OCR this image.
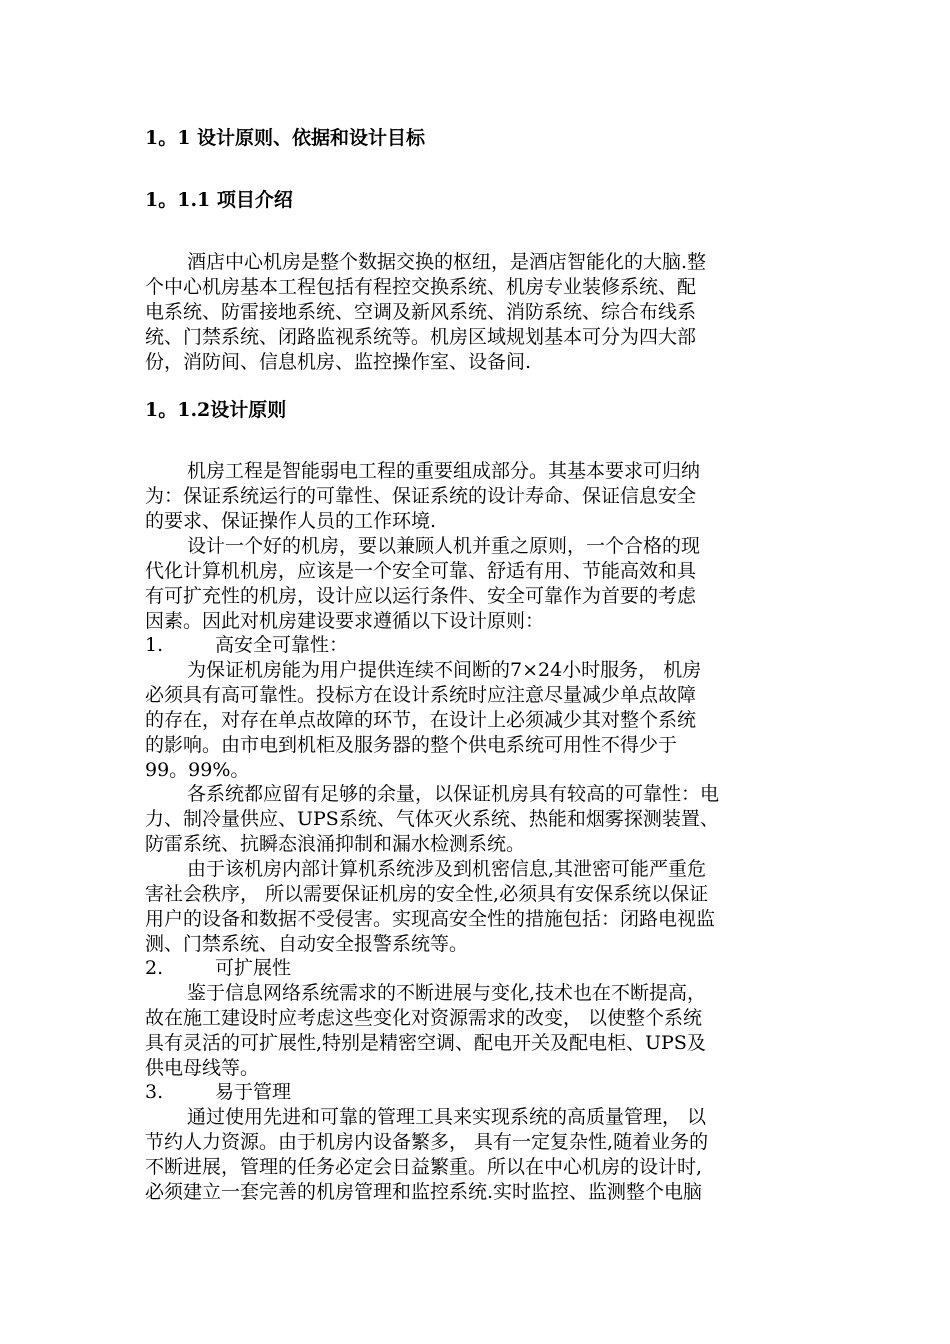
1。1 设计原则、依据和设计目标
1。1.1 项目介绍
酒店中心机房是整个数据交换的枢纽，是酒店智能化的大脑.整
个中心机房基本工程包括有程控交换系统、机房专业装修系统、配
电系统、防雷接地系统、空调及新风系统、消防系统、综合布线系
统、门禁系统、闭路监视系统等。机房区域规划基本可分为四大部
份，消防间、信息机房、监控操作室、设备间.
1。1.2设计原则
机房工程是智能弱电工程的重要组成部分。其基本要求可归纳
为：保证系统运行的可靠性、保证系统的设计寿命、保证信息安全
的要求、保证操作人员的工作环境.
设计一个好的机房，要以兼顾人机并重之原则，一个合格的现
代化计算机机房，应该是一个安全可靠、舒适有用、节能高效和具
有可扩充性的机房，设计应以运行条件、安全可靠作为首要的考虑
因素。因此对机房建设要求遵循以下设计原则：
1.	高安全可靠性：
为保证机房能为用户提供连续不间断的7×24小时服务， 机房
必须具有高可靠性。投标方在设计系统时应注意尽量减少单点故障
的存在，对存在单点故障的环节，在设计上必须减少其对整个系统
的影响。由市电到机柜及服务器的整个供电系统可用性不得少于
99。99%。
各系统都应留有足够的余量，以保证机房具有较高的可靠性：电
力、制冷量供应、UPS系统、气体灭火系统、热能和烟雾探测装置、
防雷系统、抗瞬态浪涌抑制和漏水检测系统。
由于该机房内部计算机系统涉及到机密信息,其泄密可能严重危
害社会秩序， 所以需要保证机房的安全性,必须具有安保系统以保证
用户的设备和数据不受侵害。实现高安全性的措施包括：闭路电视监
测、门禁系统、自动安全报警系统等。
2.	可扩展性
鉴于信息网络系统需求的不断进展与变化,技术也在不断提高，
故在施工建设时应考虑这些变化对资源需求的改变， 以使整个系统
具有灵活的可扩展性,特别是精密空调、配电开关及配电柜、UPS及
供电母线等。
3.	易于管理
通过使用先进和可靠的管理工具来实现系统的高质量管理， 以
节约人力资源。由于机房内设备繁多， 具有一定复杂性,随着业务的
不断进展，管理的任务必定会日益繁重。所以在中心机房的设计时,
必须建立一套完善的机房管理和监控系统.实时监控、监测整个电脑
